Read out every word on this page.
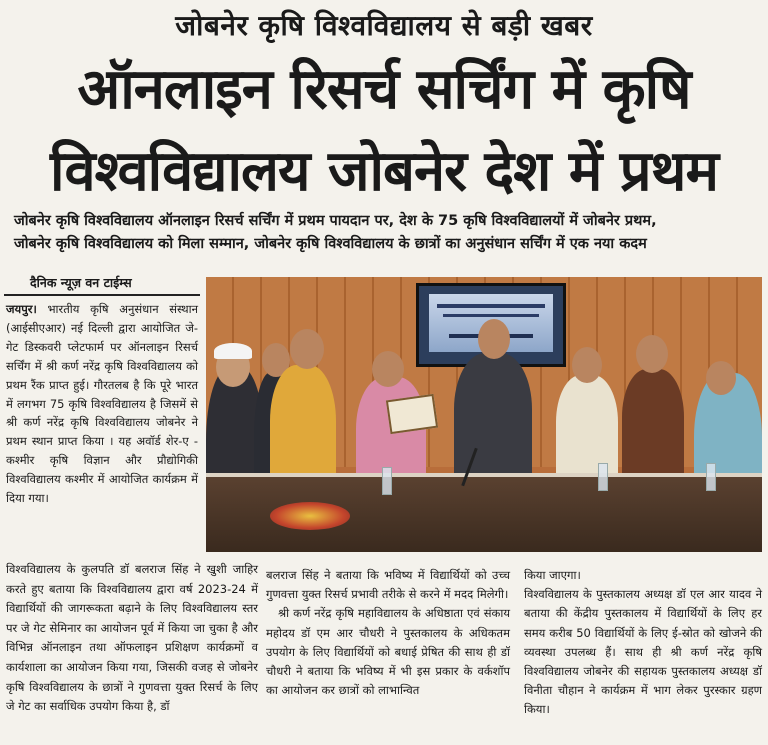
जोबनेर कृषि विश्वविद्यालय से बड़ी खबर
ऑनलाइन रिसर्च सर्चिंग में कृषि
विश्वविद्यालय जोबनेर देश में प्रथम
जोबनेर कृषि विश्वविद्यालय ऑनलाइन रिसर्च सर्चिंग में प्रथम पायदान पर, देश के 75 कृषि विश्वविद्यालयों में जोबनेर प्रथम,
जोबनेर कृषि विश्वविद्यालय को मिला सम्मान, जोबनेर कृषि विश्वविद्यालय के छात्रों का अनुसंधान सर्चिंग में एक नया कदम
दैनिक न्यूज़ वन टाईम्स
जयपुर। भारतीय कृषि अनुसंधान संस्थान (आईसीएआर) नई दिल्ली द्वारा आयोजित जे-गेट डिस्कवरी प्लेटफार्म पर ऑनलाइन रिसर्च सर्चिंग में श्री कर्ण नरेंद्र कृषि विश्वविद्यालय को प्रथम रैंक प्राप्त हुई। गौरतलब है कि पूरे भारत में लगभग 75 कृषि विश्वविद्यालय है जिसमें से श्री कर्ण नरेंद्र कृषि विश्वविद्यालय जोबनेर ने प्रथम स्थान प्राप्त किया । यह अवॉर्ड शेर-ए - कश्मीर कृषि विज्ञान और प्रौद्योगिकी विश्वविद्यालय कश्मीर में आयोजित कार्यक्रम में दिया गया।
विश्वविद्यालय के कुलपति डॉ बलराज सिंह ने खुशी जाहिर करते हुए बताया कि विश्वविद्यालय द्वारा वर्ष 2023-24 में विद्यार्थियों की जागरूकता बढ़ाने के लिए विश्वविद्यालय स्तर पर जे गेट सेमिनार का आयोजन पूर्व में किया जा चुका है और विभिन्न ऑनलाइन तथा ऑफलाइन प्रशिक्षण कार्यक्रमों व कार्यशाला का आयोजन किया गया, जिसकी वजह से जोबनेर कृषि विश्वविद्यालय के छात्रों ने गुणवत्ता युक्त रिसर्च के लिए जे गेट का सर्वाधिक उपयोग किया है, डॉ
बलराज सिंह ने बताया कि भविष्य में विद्यार्थियों को उच्च गुणवत्ता युक्त रिसर्च प्रभावी तरीके से करने में मदद मिलेगी।
श्री कर्ण नरेंद्र कृषि महाविद्यालय के अधिष्ठाता एवं संकाय महोदय डॉ एम आर चौधरी ने पुस्तकालय के अधिकतम उपयोग के लिए विद्यार्थियों को बधाई प्रेषित की साथ ही डॉ चौधरी ने बताया कि भविष्य में भी इस प्रकार के वर्कशॉप का आयोजन कर छात्रों को लाभान्वित
किया जाएगा।
विश्वविद्यालय के पुस्तकालय अध्यक्ष डॉ एल आर यादव ने बताया की केंद्रीय पुस्तकालय में विद्यार्थियों के लिए हर समय करीब 50 विद्यार्थियों के लिए ई-स्रोत को खोजने की व्यवस्था उपलब्ध हैं। साथ ही श्री कर्ण नरेंद्र कृषि विश्वविद्यालय जोबनेर की सहायक पुस्तकालय अध्यक्ष डॉ विनीता चौहान ने कार्यक्रम में भाग लेकर पुरस्कार ग्रहण किया।
